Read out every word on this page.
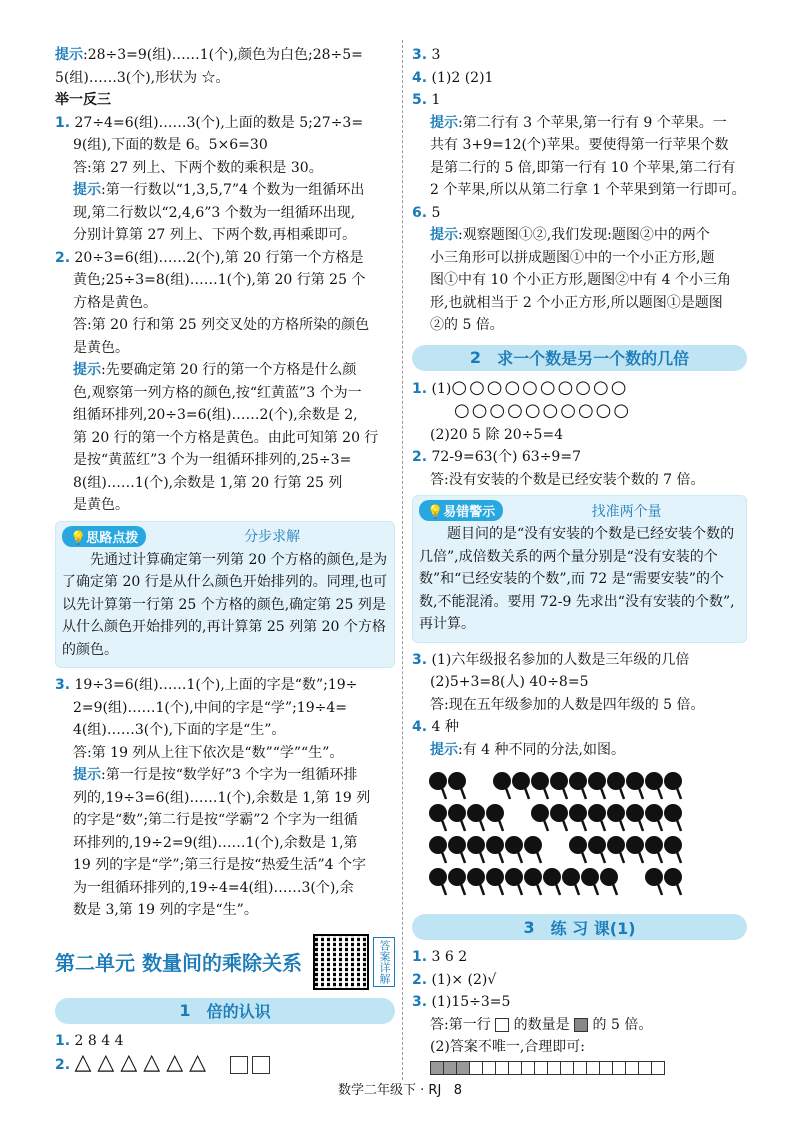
提示:28÷3=9(组)……1(个),颜色为白色;28÷5=

5(组)……3(个),形状为 ☆。

举一反三

1. 27÷4=6(组)……3(个),上面的数是 5;27÷3=

9(组),下面的数是 6。5×6=30

答:第 27 列上、下两个数的乘积是 30。

提示:第一行数以“1,3,5,7”4 个数为一组循环出

现,第二行数以“2,4,6”3 个数为一组循环出现,

分别计算第 27 列上、下两个数,再相乘即可。

2. 20÷3=6(组)……2(个),第 20 行第一个方格是

黄色;25÷3=8(组)……1(个),第 20 行第 25 个

方格是黄色。

答:第 20 行和第 25 列交叉处的方格所染的颜色

是黄色。

提示:先要确定第 20 行的第一个方格是什么颜

色,观察第一列方格的颜色,按“红黄蓝”3 个为一

组循环排列,20÷3=6(组)……2(个),余数是 2,

第 20 行的第一个方格是黄色。由此可知第 20 行

是按“黄蓝红”3 个为一组循环排列的,25÷3=

8(组)……1(个),余数是 1,第 20 行第 25 列

是黄色。

💡思路点拨	分步求解

先通过计算确定第一列第 20 个方格的颜色,是为了确定第 20 行是从什么颜色开始排列的。同理,也可以先计算第一行第 25 个方格的颜色,确定第 25 列是从什么颜色开始排列的,再计算第 25 列第 20 个方格的颜色。

3. 19÷3=6(组)……1(个),上面的字是“数”;19÷

2=9(组)……1(个),中间的字是“学”;19÷4=

4(组)……3(个),下面的字是“生”。

答:第 19 列从上往下依次是“数”“学”“生”。

提示:第一行是按“数学好”3 个字为一组循环排

列的,19÷3=6(组)……1(个),余数是 1,第 19 列

的字是“数”;第二行是按“学霸”2 个字为一组循

环排列的,19÷2=9(组)……1(个),余数是 1,第

19 列的字是“学”;第三行是按“热爱生活”4 个字

为一组循环排列的,19÷4=4(组)……3(个),余

数是 3,第 19 列的字是“生”。

第二单元 数量间的乘除关系	答案详解
1 倍的认识

1. 2 8 4 4

2. △△△△△△

3. 3

4. (1)2 (2)1

5. 1

提示:第二行有 3 个苹果,第一行有 9 个苹果。一

共有 3+9=12(个)苹果。要使得第一行苹果个数

是第二行的 5 倍,即第一行有 10 个苹果,第二行有

2 个苹果,所以从第二行拿 1 个苹果到第一行即可。

6. 5

提示:观察题图①②,我们发现:题图②中的两个

小三角形可以拼成题图①中的一个小正方形,题

图①中有 10 个小正方形,题图②中有 4 个小三角

形,也就相当于 2 个小正方形,所以题图①是题图

②的 5 倍。

2 求一个数是另一个数的几倍

1. (1)○○○○○○○○○○

○○○○○○○○○○

(2)20 5 除 20÷5=4

2. 72-9=63(个) 63÷9=7

答:没有安装的个数是已经安装个数的 7 倍。

💡易错警示	找准两个量

题目问的是“没有安装的个数是已经安装个数的几倍”,成倍数关系的两个量分别是“没有安装的个数”和“已经安装的个数”,而 72 是“需要安装”的个数,不能混淆。要用 72-9 先求出“没有安装的个数”,再计算。

3. (1)六年级报名参加的人数是三年级的几倍

(2)5+3=8(人) 40÷8=5

答:现在五年级参加的人数是四年级的 5 倍。

4. 4 种

提示:有 4 种不同的分法,如图。

3 练 习 课(1)

1. 3 6 2

2. (1)× (2)√

3. (1)15÷3=5

答:第一行 的数量是 的 5 倍。

(2)答案不唯一,合理即可:

数学二年级下 · RJ 8
